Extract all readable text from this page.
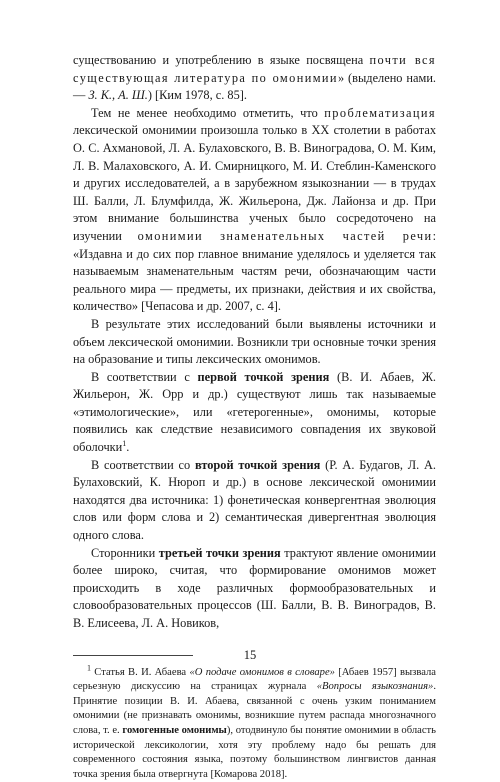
существованию и употреблению в языке посвящена почти вся существующая литература по омонимии» (выделено нами. — З. К., А. Ш.) [Ким 1978, с. 85].

Тем не менее необходимо отметить, что проблематизация лексической омонимии произошла только в XX столетии в работах О. С. Ахмановой, Л. А. Булаховского, В. В. Виноградова, О. М. Ким, Л. В. Малаховского, А. И. Смирницкого, М. И. Стеблин-Каменского и других исследователей, а в зарубежном языкознании — в трудах Ш. Балли, Л. Блумфилда, Ж. Жильерона, Дж. Лайонза и др. При этом внимание большинства ученых было сосредоточено на изучении омонимии знаменательных частей речи: «Издавна и до сих пор главное внимание уделялось и уделяется так называемым знаменательным частям речи, обозначающим части реального мира — предметы, их признаки, действия и их свойства, количество» [Чепасова и др. 2007, с. 4].

В результате этих исследований были выявлены источники и объем лексической омонимии. Возникли три основные точки зрения на образование и типы лексических омонимов.

В соответствии с первой точкой зрения (В. И. Абаев, Ж. Жильерон, Ж. Орр и др.) существуют лишь так называемые «этимологические», или «гетерогенные», омонимы, которые появились как следствие независимого совпадения их звуковой оболочки$^1$.

В соответствии со второй точкой зрения (Р. А. Будагов, Л. А. Булаховский, К. Нюроп и др.) в основе лексической омонимии находятся два источника: 1) фонетическая конвергентная эволюция слов или форм слова и 2) семантическая дивергентная эволюция одного слова.

Сторонники третьей точки зрения трактуют явление омонимии более широко, считая, что формирование омонимов может происходить в ходе различных формообразовательных и словообразовательных процессов (Ш. Балли, В. В. Виноградов, В. В. Елисеева, Л. А. Новиков,

$^1$ Статья В. И. Абаева «О подаче омонимов в словаре» [Абаев 1957] вызвала серьезную дискуссию на страницах журнала «Вопросы языкознания». Принятие позиции В. И. Абаева, связанной с очень узким пониманием омонимии (не признавать омонимы, возникшие путем распада многозначного слова, т. е. гомогенные омонимы), отодвинуло бы понятие омонимии в область исторической лексикологии, хотя эту проблему надо бы решать для современного состояния языка, поэтому большинством лингвистов данная точка зрения была отвергнута [Комарова 2018].

15
